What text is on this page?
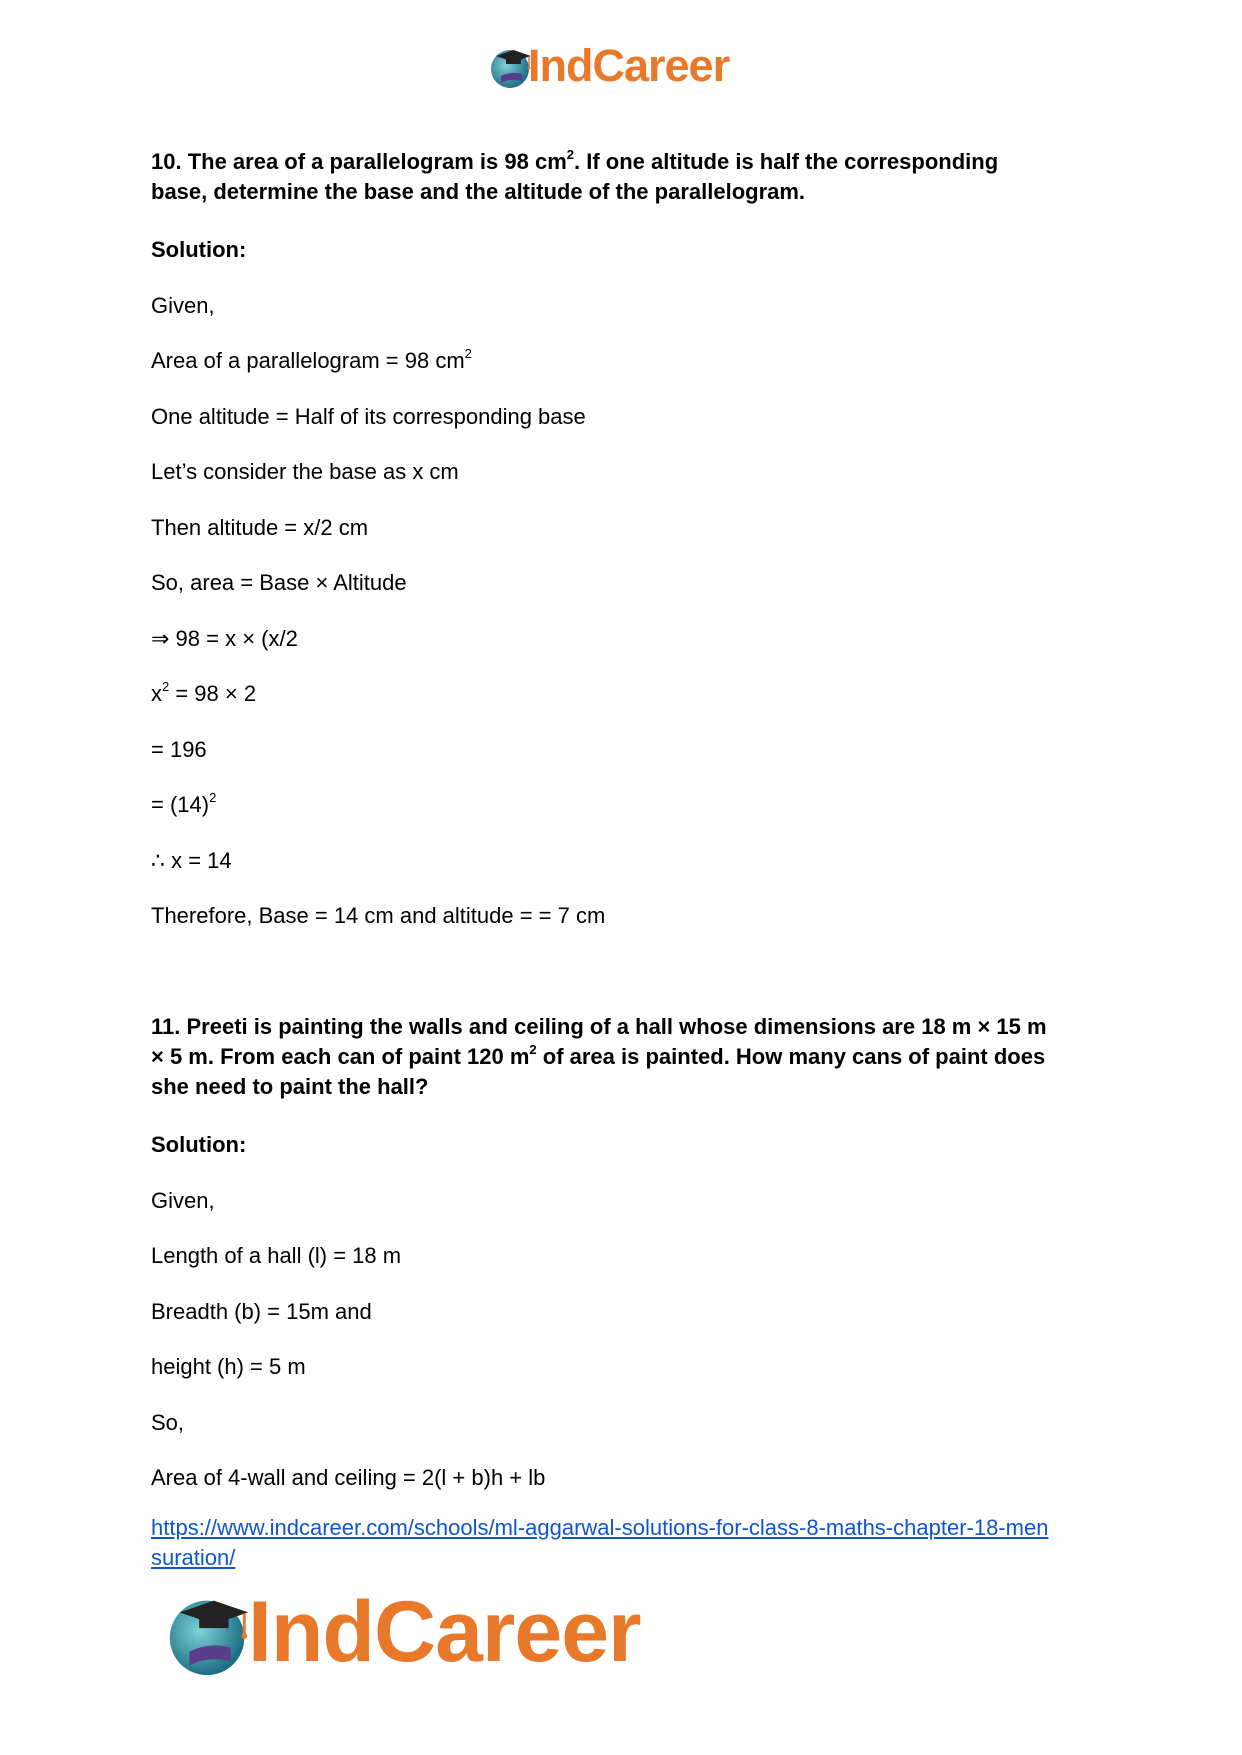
IndCareer
10. The area of a parallelogram is 98 $cm^2$. If one altitude is half the corresponding
base, determine the base and the altitude of the parallelogram.
Solution:
Given,
Area of a parallelogram = 98 $cm^2$
One altitude = Half of its corresponding base
Let’s consider the base as x cm
Then altitude = x/2 cm
So, area = Base × Altitude
⇒ 98 = x × (x/2
$x^2 = 98 \times 2$
= 196
= $(14)^2$
∴ x = 14
Therefore, Base = 14 cm and altitude = = 7 cm
11. Preeti is painting the walls and ceiling of a hall whose dimensions are 18 m × 15 m
× 5 m. From each can of paint 120 $m^2$ of area is painted. How many cans of paint does
she need to paint the hall?
Solution:
Given,
Length of a hall (l) = 18 m
Breadth (b) = 15m and
height (h) = 5 m
So,
Area of 4-wall and ceiling = 2(l + b)h + lb
https://www.indcareer.com/schools/ml-aggarwal-solutions-for-class-8-maths-chapter-18-men
suration/
IndCareer
